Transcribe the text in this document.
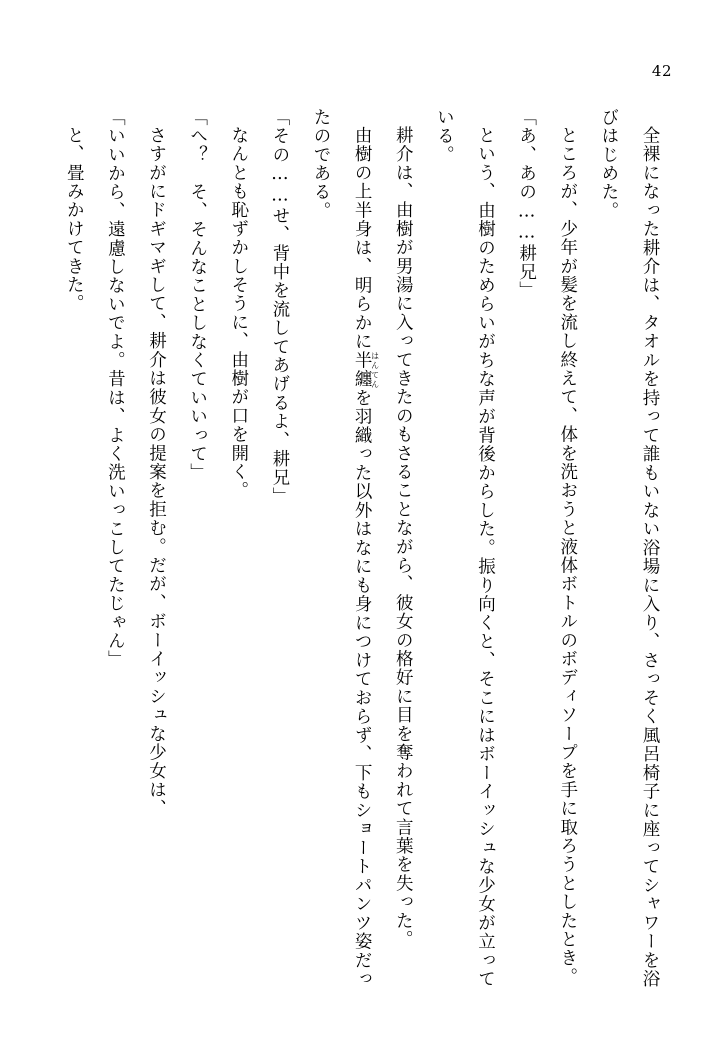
42

全裸になった耕介は、タオルを持って誰もいない浴場に入り、さっそく風呂椅子に座ってシャワーを浴びはじめた。

ところが、少年が髪を流し終えて、体を洗おうと液体ボトルのボディソープを手に取ろうとしたとき。

「あ、あの……耕兄」

という、由樹のためらいがちな声が背後からした。振り向くと、そこにはボーイッシュな少女が立っている。

耕介は、由樹が男湯に入ってきたのもさることながら、彼女の格好に目を奪われて言葉を失った。

由樹の上半身は、明らかに半纏はんてんを羽織った以外はなにも身につけておらず、下もショートパンツ姿だったのである。

「その……せ、背中を流してあげるよ、耕兄」

なんとも恥ずかしそうに、由樹が口を開く。

「へ？　そ、そんなことしなくていいって」

さすがにドギマギして、耕介は彼女の提案を拒む。だが、ボーイッシュな少女は、

「いいから、遠慮しないでよ。昔は、よく洗いっこしてたじゃん」

と、畳みかけてきた。
